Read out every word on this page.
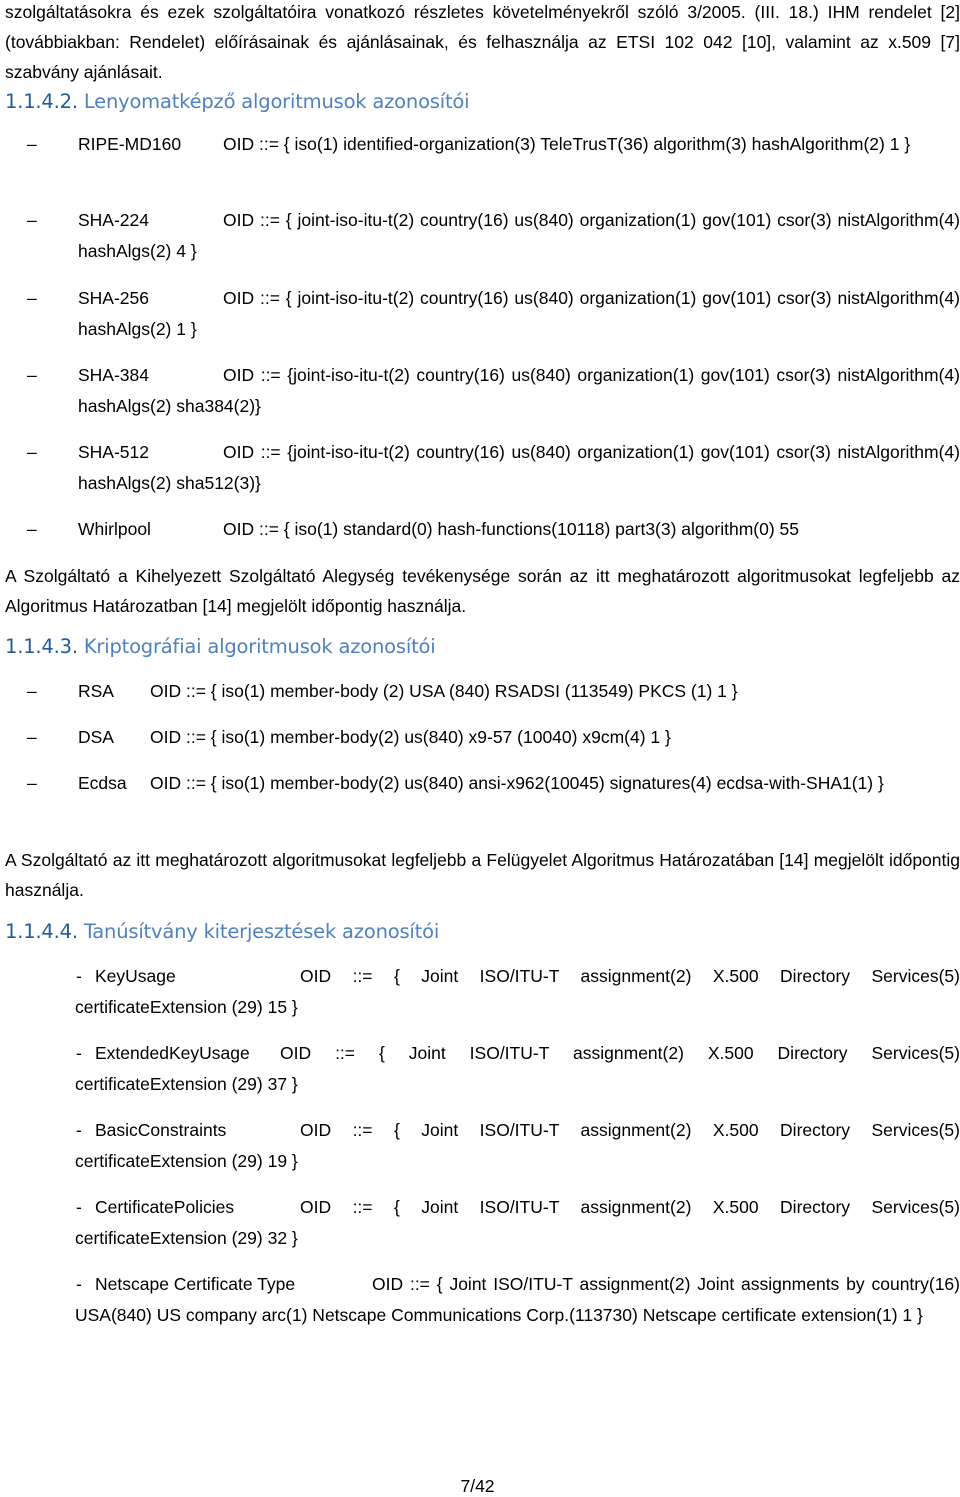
szolgáltatásokra és ezek szolgáltatóira vonatkozó részletes követelményekről szóló 3/2005. (III. 18.) IHM rendelet [2] (továbbiakban: Rendelet) előírásainak és ajánlásainak, és felhasználja az ETSI 102 042 [10], valamint az x.509 [7] szabvány ajánlásait.
1.1.4.2. Lenyomatképző algoritmusok azonosítói
–	RIPE-MD160 OID ::= { iso(1) identified-organization(3) TeleTrusT(36) algorithm(3) hashAlgorithm(2) 1 }
–	SHA-224	OID ::= { joint-iso-itu-t(2) country(16) us(840) organization(1) gov(101) csor(3) nistAlgorithm(4) hashAlgs(2) 4 }
–	SHA-256	OID ::= { joint-iso-itu-t(2) country(16) us(840) organization(1) gov(101) csor(3) nistAlgorithm(4) hashAlgs(2) 1 }
–	SHA-384	OID ::= {joint-iso-itu-t(2) country(16) us(840) organization(1) gov(101) csor(3) nistAlgorithm(4) hashAlgs(2) sha384(2)}
–	SHA-512	OID ::= {joint-iso-itu-t(2) country(16) us(840) organization(1) gov(101) csor(3) nistAlgorithm(4) hashAlgs(2) sha512(3)}
–	Whirlpool	OID ::= { iso(1) standard(0) hash-functions(10118) part3(3) algorithm(0) 55
A Szolgáltató a Kihelyezett Szolgáltató Alegység tevékenysége során az itt meghatározott algoritmusokat legfeljebb az Algoritmus Határozatban [14] megjelölt időpontig használja.
1.1.4.3. Kriptográfiai algoritmusok azonosítói
–	RSA OID ::= { iso(1) member-body (2) USA (840) RSADSI (113549) PKCS (1) 1 }
–	DSA OID ::= { iso(1) member-body(2) us(840) x9-57 (10040) x9cm(4) 1 }
–	Ecdsa OID ::= { iso(1) member-body(2) us(840) ansi-x962(10045) signatures(4) ecdsa-with-SHA1(1) }
A Szolgáltató az itt meghatározott algoritmusokat legfeljebb a Felügyelet Algoritmus Határozatában [14] megjelölt időpontig használja.
1.1.4.4. Tanúsítvány kiterjesztések azonosítói
- KeyUsage	OID ::= { Joint ISO/ITU-T assignment(2) X.500 Directory Services(5) certificateExtension (29) 15 }
- ExtendedKeyUsage OID ::= { Joint ISO/ITU-T assignment(2) X.500 Directory Services(5) certificateExtension (29) 37 }
- BasicConstraints	OID ::= { Joint ISO/ITU-T assignment(2) X.500 Directory Services(5) certificateExtension (29) 19 }
- CertificatePolicies	OID ::= { Joint ISO/ITU-T assignment(2) X.500 Directory Services(5) certificateExtension (29) 32 }
- Netscape Certificate Type	OID ::= { Joint ISO/ITU-T assignment(2) Joint assignments by country(16) USA(840) US company arc(1) Netscape Communications Corp.(113730) Netscape certificate extension(1) 1 }
7/42
